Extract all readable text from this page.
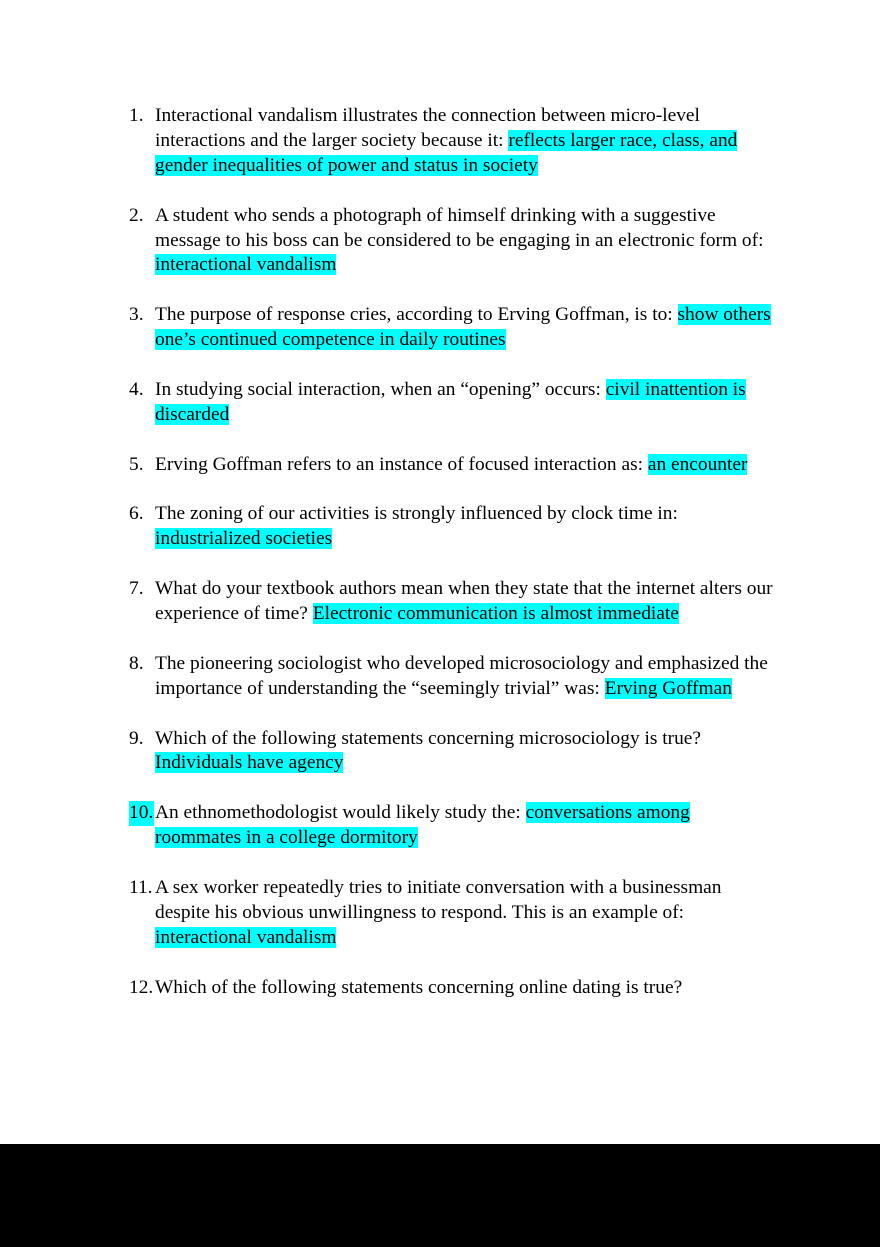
1. Interactional vandalism illustrates the connection between micro-level interactions and the larger society because it: reflects larger race, class, and gender inequalities of power and status in society
2. A student who sends a photograph of himself drinking with a suggestive message to his boss can be considered to be engaging in an electronic form of: interactional vandalism
3. The purpose of response cries, according to Erving Goffman, is to: show others one’s continued competence in daily routines
4. In studying social interaction, when an “opening” occurs: civil inattention is discarded
5. Erving Goffman refers to an instance of focused interaction as: an encounter
6. The zoning of our activities is strongly influenced by clock time in: industrialized societies
7. What do your textbook authors mean when they state that the internet alters our experience of time? Electronic communication is almost immediate
8. The pioneering sociologist who developed microsociology and emphasized the importance of understanding the “seemingly trivial” was: Erving Goffman
9. Which of the following statements concerning microsociology is true? Individuals have agency
10. An ethnomethodologist would likely study the: conversations among roommates in a college dormitory
11. A sex worker repeatedly tries to initiate conversation with a businessman despite his obvious unwillingness to respond. This is an example of: interactional vandalism
12. Which of the following statements concerning online dating is true?
